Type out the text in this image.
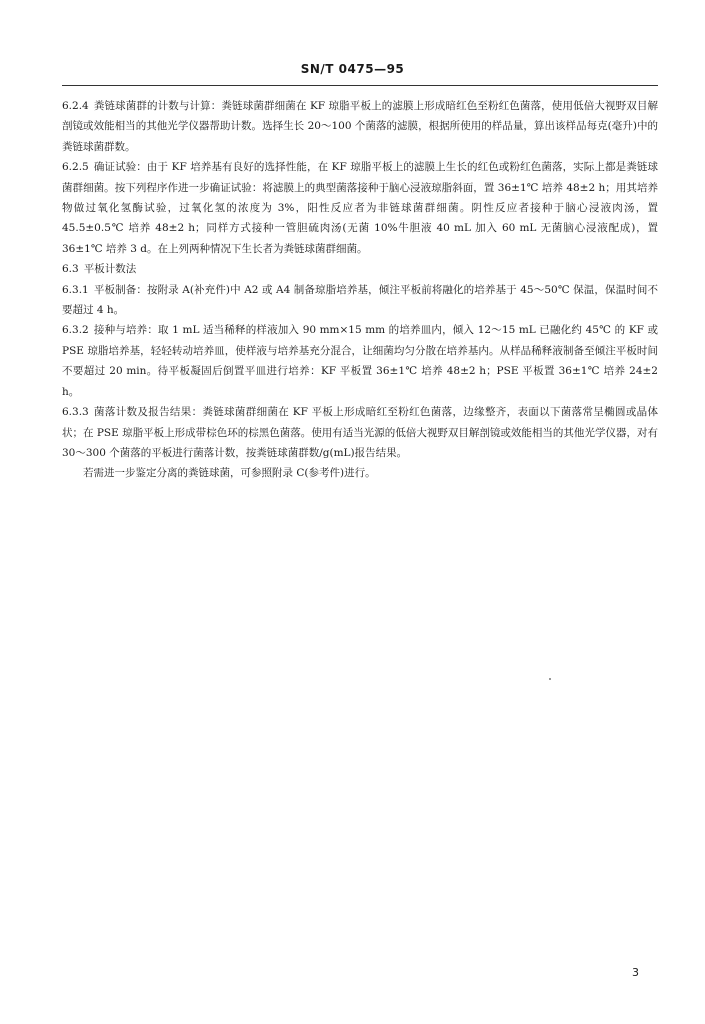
SN/T 0475—95

6.2.4 粪链球菌群的计数与计算：粪链球菌群细菌在 KF 琼脂平板上的滤膜上形成暗红色至粉红色菌落，使用低倍大视野双目解剖镜或效能相当的其他光学仪器帮助计数。选择生长 20～100 个菌落的滤膜，根据所使用的样品量，算出该样品每克(毫升)中的粪链球菌群数。

6.2.5 确证试验：由于 KF 培养基有良好的选择性能，在 KF 琼脂平板上的滤膜上生长的红色或粉红色菌落，实际上都是粪链球菌群细菌。按下列程序作进一步确证试验：将滤膜上的典型菌落接种于脑心浸液琼脂斜面，置 36±1℃ 培养 48±2 h；用其培养物做过氧化氢酶试验，过氧化氢的浓度为 3%，阳性反应者为非链球菌群细菌。阴性反应者接种于脑心浸液肉汤，置 45.5±0.5℃ 培养 48±2 h；同样方式接种一管胆硫肉汤(无菌 10%牛胆液 40 mL 加入 60 mL 无菌脑心浸液配成)，置 36±1℃ 培养 3 d。在上列两种情况下生长者为粪链球菌群细菌。

6.3 平板计数法

6.3.1 平板制备：按附录 A(补充件)中 A2 或 A4 制备琼脂培养基，倾注平板前将融化的培养基于 45～50℃ 保温，保温时间不要超过 4 h。

6.3.2 接种与培养：取 1 mL 适当稀释的样液加入 90 mm×15 mm 的培养皿内，倾入 12～15 mL 已融化约 45℃ 的 KF 或 PSE 琼脂培养基，轻轻转动培养皿，使样液与培养基充分混合，让细菌均匀分散在培养基内。从样品稀释液制备至倾注平板时间不要超过 20 min。待平板凝固后倒置平皿进行培养：KF 平板置 36±1℃ 培养 48±2 h；PSE 平板置 36±1℃ 培养 24±2 h。

6.3.3 菌落计数及报告结果：粪链球菌群细菌在 KF 平板上形成暗红至粉红色菌落，边缘整齐，表面以下菌落常呈椭圆或晶体状；在 PSE 琼脂平板上形成带棕色环的棕黑色菌落。使用有适当光源的低倍大视野双目解剖镜或效能相当的其他光学仪器，对有 30～300 个菌落的平板进行菌落计数，按粪链球菌群数/g(mL)报告结果。

若需进一步鉴定分离的粪链球菌，可参照附录 C(参考件)进行。

3
